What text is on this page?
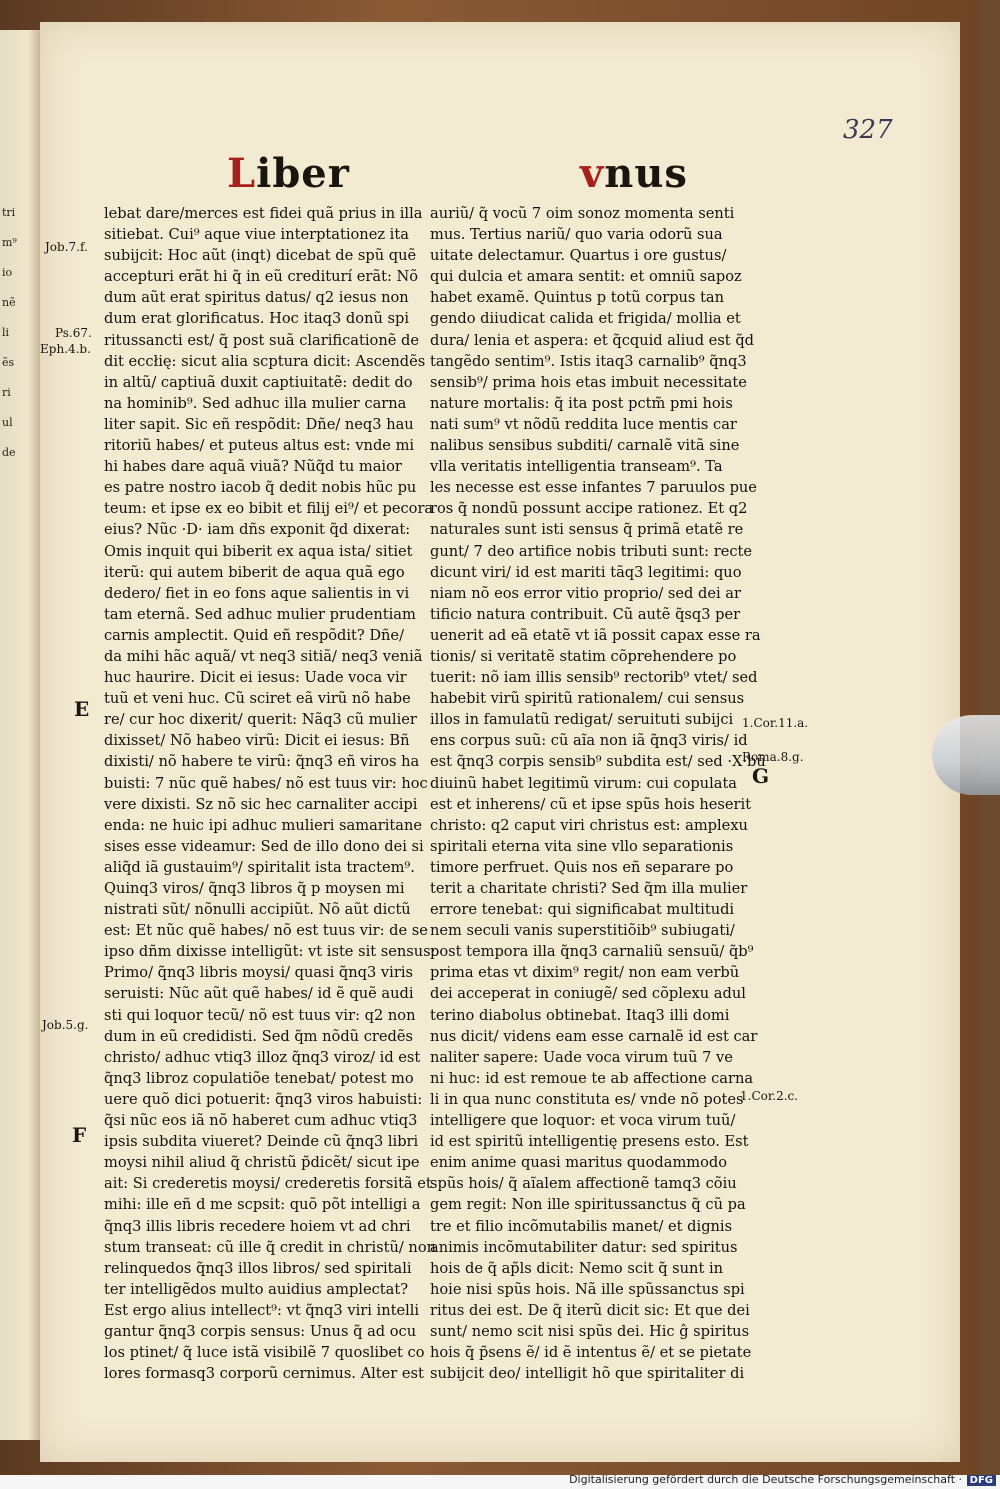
tri
m⁹
io
nẽ
li
ẽs
ri
ul
de
327
Liber	vnus
lebat dare/merces est fidei quã prius in illa
sitiebat. Cui⁹ aque viue interptationez ita
subijcit: Hoc aũt (inqt) dicebat de spũ quẽ
accepturi erãt hi q̃ in eũ crediturí erãt: Nõ
dum aũt erat spiritus datus/ q2 iesus non
dum erat glorificatus. Hoc itaq3 donũ spi
ritussancti est/ q̃ post suã clarificationẽ de
dit eccłię: sicut alia scptura dicit: Ascendẽs
in altũ/ captiuã duxit captiuitatẽ: dedit do
na hominib⁹. Sed adhuc illa mulier carna
liter sapit. Sic eñ respõdit: Dñe/ neq3 hau
ritoriũ habes/ et puteus altus est: vnde mi
hi habes dare aquã viuã? Nũq̃d tu maior
es patre nostro iacob q̃ dedit nobis hũc pu
teum: et ipse ex eo bibit et filij ei⁹/ et pecora
eius? Nũc ·D· iam dñs exponit q̃d dixerat:
Omis inquit qui biberit ex aqua ista/ sitiet
iterũ: qui autem biberit de aqua quã ego
dedero/ fiet in eo fons aque salientis in vi
tam eternã. Sed adhuc mulier prudentiam
carnis amplectit. Quid eñ respõdit? Dñe/
da mihi hãc aquã/ vt neq3 sitiã/ neq3 veniã
huc haurire. Dicit ei iesus: Uade voca vir
tuũ et veni huc. Cũ sciret eã virũ nõ habe
re/ cur hoc dixerit/ querit: Nãq3 cũ mulier
dixisset/ Nõ habeo virũ: Dicit ei iesus: Bñ
dixisti/ nõ habere te virũ: q̃nq3 eñ viros ha
buisti: 7 nũc quẽ habes/ nõ est tuus vir: hoc
vere dixisti. Sz nõ sic hec carnaliter accipi
enda: ne huic ipi adhuc mulieri samaritane
sises esse videamur: Sed de illo dono dei si
aliq̃d iã gustauim⁹/ spiritalit ista tractem⁹.
Quinq3 viros/ q̃nq3 libros q̃ p moysen mi
nistrati sũt/ nõnulli accipiũt. Nõ aũt dictũ
est: Et nũc quẽ habes/ nõ est tuus vir: de se
ipso dñm dixisse intelligũt: vt iste sit sensus:
Primo/ q̃nq3 libris moysi/ quasi q̃nq3 viris
seruisti: Nũc aũt quẽ habes/ id ẽ quẽ audi
sti qui loquor tecũ/ nõ est tuus vir: q2 non
dum in eũ credidisti. Sed q̃m nõdũ credẽs
christo/ adhuc vtiq3 illoz q̃nq3 viroz/ id est
q̃nq3 libroz copulatiõe tenebat/ potest mo
uere quõ dici potuerit: q̃nq3 viros habuisti:
q̃si nũc eos iã nõ haberet cum adhuc vtiq3
ipsis subdita viueret? Deinde cũ q̃nq3 libri
moysi nihil aliud q̃ christũ p̃dicẽt/ sicut ipe
ait: Si crederetis moysi/ crederetis forsitã et
mihi: ille eñ d me scpsit: quõ põt intelligi a
q̃nq3 illis libris recedere hoiem vt ad chri
stum transeat: cũ ille q̃ credit in christũ/ non
relinquedos q̃nq3 illos libros/ sed spiritali
ter intelligẽdos multo auidius amplectat?
Est ergo alius intellect⁹: vt q̃nq3 viri intelli
gantur q̃nq3 corpis sensus: Unus q̃ ad ocu
los ptinet/ q̃ luce istã visibilẽ 7 quoslibet co
lores formasq3 corporũ cernimus. Alter est
auriũ/ q̃ vocũ 7 oim sonoz momenta senti
mus. Tertius nariũ/ quo varia odorũ sua
uitate delectamur. Quartus i ore gustus/
qui dulcia et amara sentit: et omniũ sapoz
habet examẽ. Quintus p totũ corpus tan
gendo diiudicat calida et frigida/ mollia et
dura/ lenia et aspera: et q̃cquid aliud est q̃d
tangẽdo sentim⁹. Istis itaq3 carnalib⁹ q̃nq3
sensib⁹/ prima hois etas imbuit necessitate
nature mortalis: q̃ ita post pctm̃ pmi hois
nati sum⁹ vt nõdũ reddita luce mentis car
nalibus sensibus subditi/ carnalẽ vitã sine
vlla veritatis intelligentia transeam⁹. Ta
les necesse est esse infantes 7 paruulos pue
ros q̃ nondũ possunt accipe rationez. Et q2
naturales sunt isti sensus q̃ primã etatẽ re
gunt/ 7 deo artifice nobis tributi sunt: recte
dicunt viri/ id est mariti tãq3 legitimi: quo
niam nõ eos error vitio proprio/ sed dei ar
tificio natura contribuit. Cũ autẽ q̃sq3 per
uenerit ad eã etatẽ vt iã possit capax esse ra
tionis/ si veritatẽ statim cõprehendere po
tuerit: nõ iam illis sensib⁹ rectorib⁹ vtet/ sed
habebit virũ spiritũ rationalem/ cui sensus
illos in famulatũ redigat/ seruituti subijci
ens corpus suũ: cũ aĩa non iã q̃nq3 viris/ id
est q̃nq3 corpis sensib⁹ subdita est/ sed ·X·bũ
diuinũ habet legitimũ virum: cui copulata
est et inherens/ cũ et ipse spũs hois heserit
christo: q2 caput viri christus est: amplexu
spiritali eterna vita sine vllo separationis
timore perfruet. Quis nos eñ separare po
terit a charitate christi? Sed q̃m illa mulier
errore tenebat: qui significabat multitudi
nem seculi vanis superstitiõib⁹ subiugati/
post tempora illa q̃nq3 carnaliũ sensuũ/ q̃b⁹
prima etas vt dixim⁹ regit/ non eam verbũ
dei acceperat in coniugẽ/ sed cõplexu adul
terino diabolus obtinebat. Itaq3 illi domi
nus dicit/ videns eam esse carnalẽ id est car
naliter sapere: Uade voca virum tuũ 7 ve
ni huc: id est remoue te ab affectione carna
li in qua nunc constituta es/ vnde nõ potes
intelligere que loquor: et voca virum tuũ/
id est spiritũ intelligentię presens esto. Est
enim anime quasi maritus quodammodo
spũs hois/ q̃ aĩalem affectionẽ tamq3 cõiu
gem regit: Non ille spiritussanctus q̃ cũ pa
tre et filio incõmutabilis manet/ et dignis
animis incõmutabiliter datur: sed spiritus
hois de q̃ ap̃ls dicit: Nemo scit q̃ sunt in
hoie nisi spũs hois. Nã ille spũssanctus spi
ritus dei est. De q̃ iterũ dicit sic: Et que dei
sunt/ nemo scit nisi spũs dei. Hic ĝ spiritus
hois q̃ p̃sens ẽ/ id ẽ intentus ẽ/ et se pietate
subijcit deo/ intelligit hõ que spiritaliter di
Job.7.f.
Ps.67.
Eph.4.b.
E
Job.5.g.
F
1.Cor.11.a.
Roma.8.g.
G
1.Cor.2.c.
Digitalisierung gefördert durch die Deutsche Forschungsgemeinschaft · DFG
